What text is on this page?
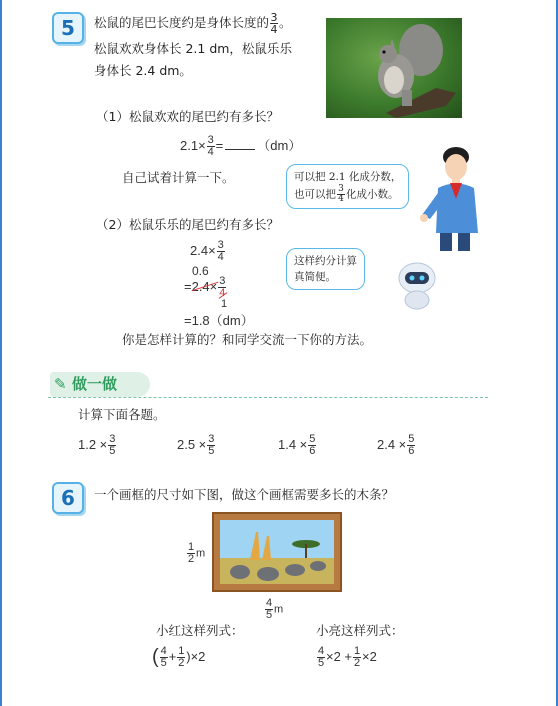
5	松鼠的尾巴长度约是身体长度的 $\frac{3}{4}$ 。
松鼠欢欢身体长 2.1 dm，松鼠乐乐
身体长 2.4 dm。
（1）松鼠欢欢的尾巴约有多长？
$2.1\times \frac{3}{4}$ =	（dm）
自己试着计算一下。	可以把 2.1 化成分数，
也可以把 $\frac{3}{4}$ 化成小数。
（2）松鼠乐乐的尾巴约有多长？
$2.4\times \frac{3}{4}$
0.6
=2.4
× $\frac{3}{4}$
1
=1.8（dm）
这样约分计算
真简便。
你是怎样计算的？和同学交流一下你的方法。
✎ 做一做
计算下面各题。
$1.2 \times \frac{3}{5}$	$2.5 \times \frac{3}{5}$	$1.4 \times \frac{5}{6}$	$2.4 \times \frac{5}{6}$
6	一个画框的尺寸如下图，做这个画框需要多长的木条？
$\frac{1}{2}$ m
$\frac{4}{5}$ m
小红这样列式：	小亮这样列式：
( $\frac{4}{5} + \frac{1}{2} )\times 2$	$\frac{4}{5} \times 2 + \frac{1}{2} \times 2$
